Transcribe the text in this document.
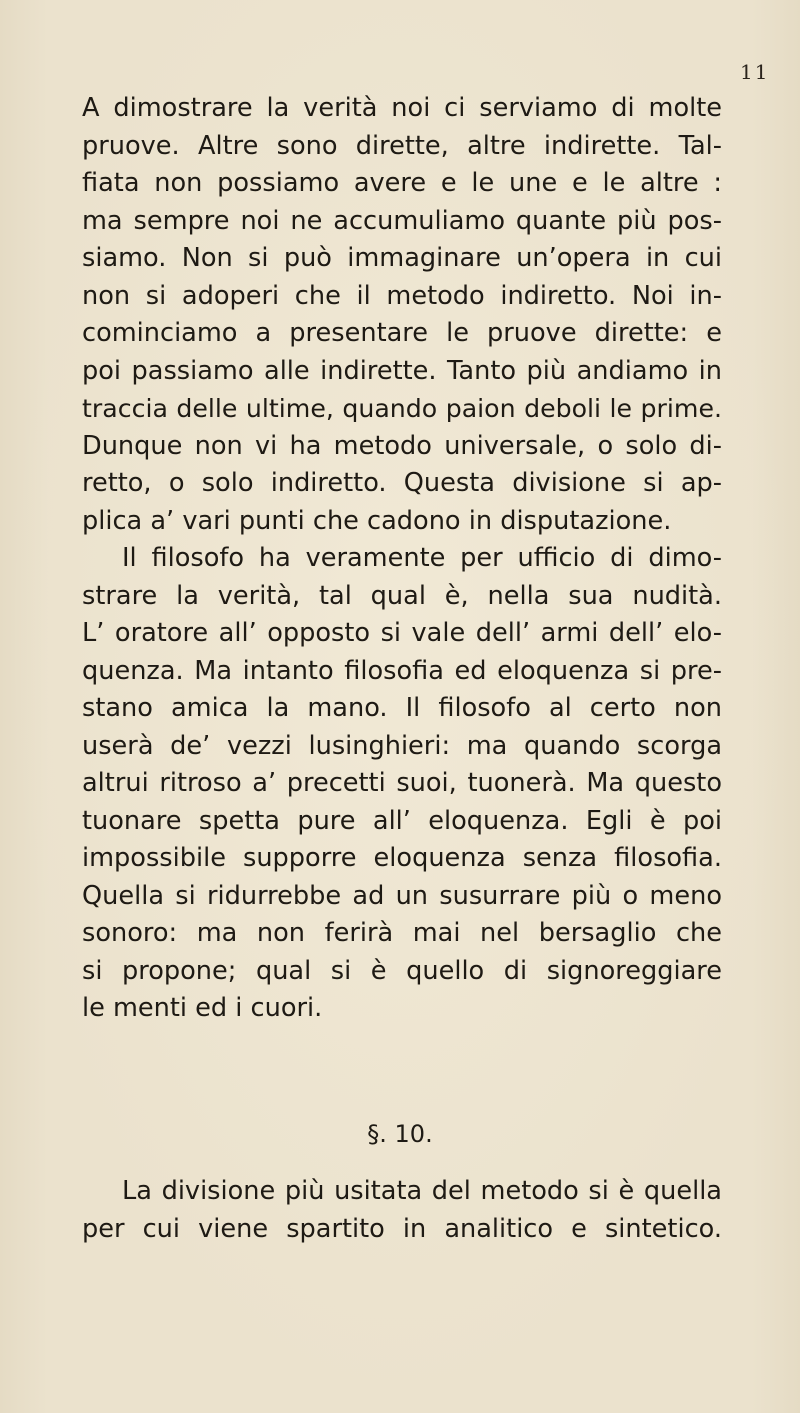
11
A dimostrare la verità noi ci serviamo di molte
pruove. Altre sono dirette, altre indirette. Tal-
fiata non possiamo avere e le une e le altre :
ma sempre noi ne accumuliamo quante più pos-
siamo. Non si può immaginare un’opera in cui
non si adoperi che il metodo indiretto. Noi in-
cominciamo a presentare le pruove dirette: e
poi passiamo alle indirette. Tanto più andiamo in
traccia delle ultime, quando paion deboli le prime.
Dunque non vi ha metodo universale, o solo di-
retto, o solo indiretto. Questa divisione si ap-
plica a’ vari punti che cadono in disputazione.
Il filosofo ha veramente per ufficio di dimo-
strare la verità, tal qual è, nella sua nudità.
L’ oratore all’ opposto si vale dell’ armi dell’ elo-
quenza. Ma intanto filosofia ed eloquenza si pre-
stano amica la mano. Il filosofo al certo non
userà de’ vezzi lusinghieri: ma quando scorga
altrui ritroso a’ precetti suoi, tuonerà. Ma questo
tuonare spetta pure all’ eloquenza. Egli è poi
impossibile supporre eloquenza senza filosofia.
Quella si ridurrebbe ad un susurrare più o meno
sonoro: ma non ferirà mai nel bersaglio che
si propone; qual si è quello di signoreggiare
le menti ed i cuori.
§. 10.
La divisione più usitata del metodo si è quella
per cui viene spartito in analitico e sintetico.
